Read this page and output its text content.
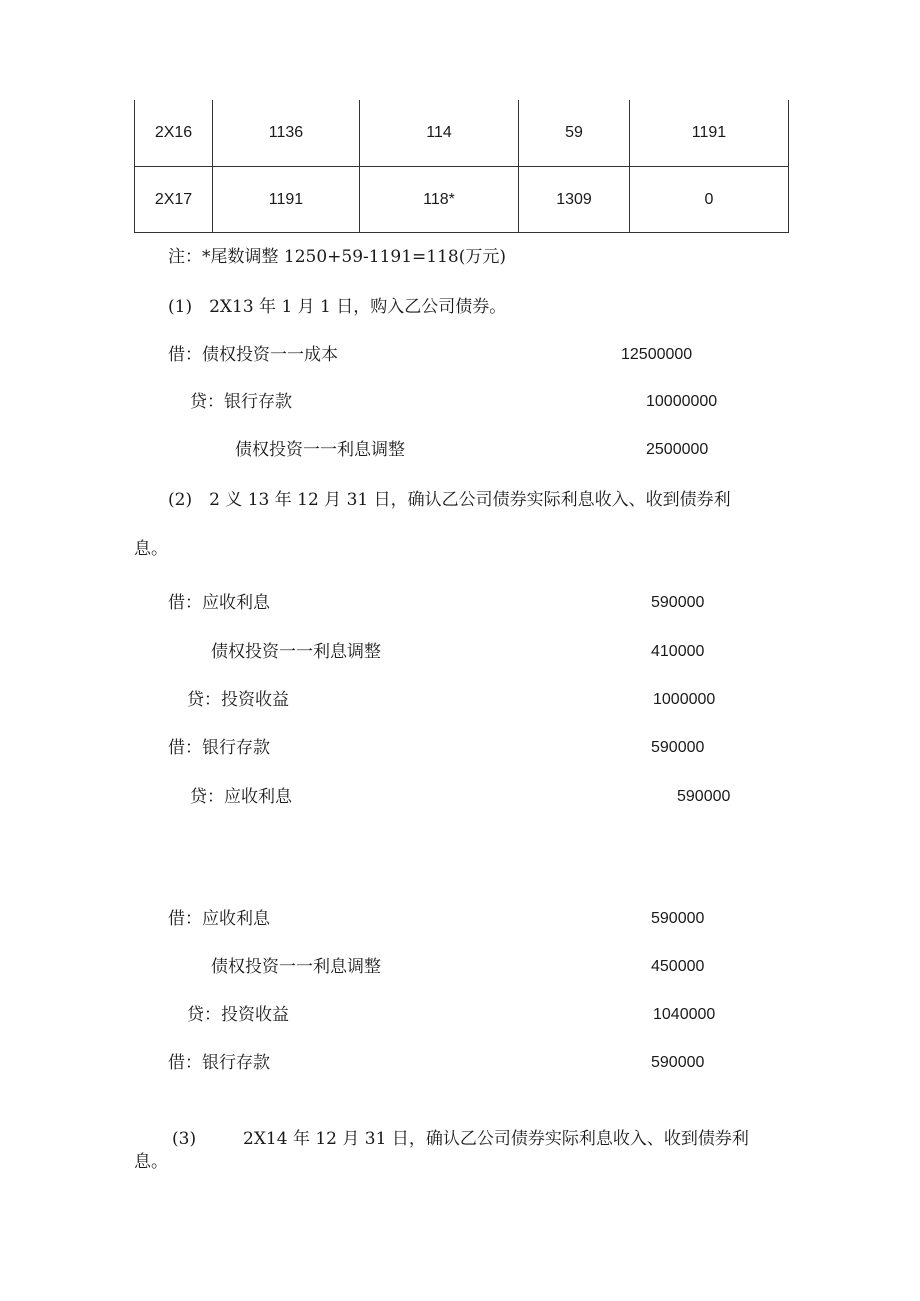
2X16	1136	114	59	1191
2X17	1191	118*	1309	0
注：*尾数调整 1250+59-1191=118(万元)
(1)　2X13 年 1 月 1 日，购入乙公司债券。
借：债权投资一一成本	12500000
贷：银行存款	10000000
债权投资一一利息调整	2500000
(2)　2 义 13 年 12 月 31 日，确认乙公司债券实际利息收入、收到债券利
息。
借：应收利息	590000
债权投资一一利息调整	410000
贷：投资收益	1000000
借：银行存款	590000
贷：应收利息	590000
借：应收利息	590000
债权投资一一利息调整	450000
贷：投资收益	1040000
借：银行存款	590000
(3)	2X14 年 12 月 31 日，确认乙公司债券实际利息收入、收到债券利
息。
